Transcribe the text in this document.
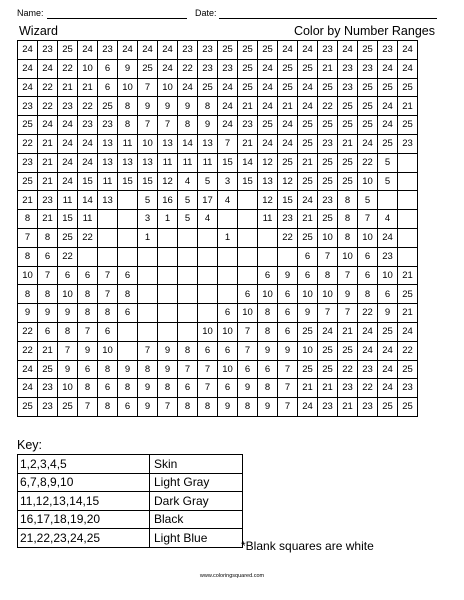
Name:	Date:
Wizard	Color by Number Ranges
24	23	25	24	23	24	24	24	23	23	25	25	25	24	24	23	24	25	23	24
24	24	22	10	6	9	25	24	22	23	23	25	24	25	25	21	23	23	24	24
24	22	21	21	6	10	7	10	24	25	24	25	24	25	24	25	23	25	25	25
23	22	23	22	25	8	9	9	9	8	24	21	24	21	24	22	25	25	24	21
25	24	24	23	23	8	7	7	8	9	24	23	25	24	25	25	25	25	24	25
22	21	24	24	13	11	10	13	14	13	7	21	24	24	25	23	21	24	25	23
23	21	24	24	13	13	13	11	11	11	15	14	12	25	21	25	25	22	5	
25	21	24	15	11	15	15	12	4	5	3	15	13	12	25	25	25	10	5	
21	23	11	14	13		5	16	5	17	4		12	15	24	23	8	5		
8	21	15	11			3	1	5	4			11	23	21	25	8	7	4	
7	8	25	22			1				1			22	25	10	8	10	24	
8	6	22												6	7	10	6	23	
10	7	6	6	7	6							6	9	6	8	7	6	10	21
8	8	10	8	7	8						6	10	6	10	10	9	8	6	25
9	9	9	8	8	6					6	10	8	6	9	7	7	22	9	21
22	6	8	7	6					10	10	7	8	6	25	24	21	24	25	24
22	21	7	9	10		7	9	8	6	6	7	9	9	10	25	25	24	24	22
24	25	9	6	8	9	8	9	7	7	10	6	6	7	25	25	22	23	24	25
24	23	10	8	6	8	9	8	6	7	6	9	8	7	21	21	23	22	24	23
25	23	25	7	8	6	9	7	8	8	9	8	9	7	24	23	21	23	25	25
Key:
1,2,3,4,5	Skin
6,7,8,9,10	Light Gray
11,12,13,14,15	Dark Gray
16,17,18,19,20	Black
21,22,23,24,25	Light Blue
*Blank squares are white
www.coloringsquared.com
